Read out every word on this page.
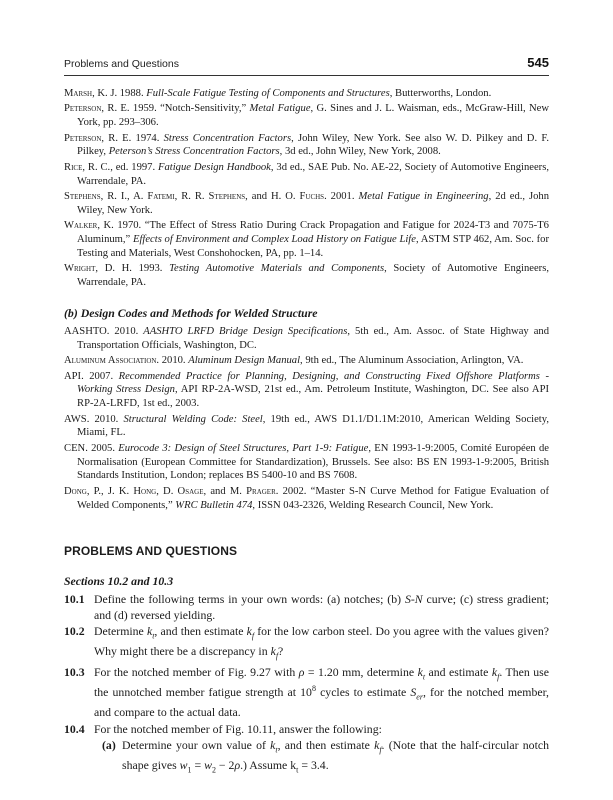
Problems and Questions	545

Marsh, K. J. 1988. Full-Scale Fatigue Testing of Components and Structures, Butterworths, London.

Peterson, R. E. 1959. “Notch-Sensitivity,” Metal Fatigue, G. Sines and J. L. Waisman, eds., McGraw-Hill, New York, pp. 293–306.

Peterson, R. E. 1974. Stress Concentration Factors, John Wiley, New York. See also W. D. Pilkey and D. F. Pilkey, Peterson’s Stress Concentration Factors, 3d ed., John Wiley, New York, 2008.

Rice, R. C., ed. 1997. Fatigue Design Handbook, 3d ed., SAE Pub. No. AE-22, Society of Automotive Engineers, Warrendale, PA.

Stephens, R. I., A. Fatemi, R. R. Stephens, and H. O. Fuchs. 2001. Metal Fatigue in Engineering, 2d ed., John Wiley, New York.

Walker, K. 1970. “The Effect of Stress Ratio During Crack Propagation and Fatigue for 2024-T3 and 7075-T6 Aluminum,” Effects of Environment and Complex Load History on Fatigue Life, ASTM STP 462, Am. Soc. for Testing and Materials, West Conshohocken, PA, pp. 1–14.

Wright, D. H. 1993. Testing Automotive Materials and Components, Society of Automotive Engineers, Warrendale, PA.

(b) Design Codes and Methods for Welded Structure

AASHTO. 2010. AASHTO LRFD Bridge Design Specifications, 5th ed., Am. Assoc. of State Highway and Transportation Officials, Washington, DC.

Aluminum Association. 2010. Aluminum Design Manual, 9th ed., The Aluminum Association, Arlington, VA.

API. 2007. Recommended Practice for Planning, Designing, and Constructing Fixed Offshore Platforms - Working Stress Design, API RP-2A-WSD, 21st ed., Am. Petroleum Institute, Washington, DC. See also API RP-2A-LRFD, 1st ed., 2003.

AWS. 2010. Structural Welding Code: Steel, 19th ed., AWS D1.1/D1.1M:2010, American Welding Society, Miami, FL.

CEN. 2005. Eurocode 3: Design of Steel Structures, Part 1-9: Fatigue, EN 1993-1-9:2005, Comité Européen de Normalisation (European Committee for Standardization), Brussels. See also: BS EN 1993-1-9:2005, British Standards Institution, London; replaces BS 5400-10 and BS 7608.

Dong, P., J. K. Hong, D. Osage, and M. Prager. 2002. “Master S-N Curve Method for Fatigue Evaluation of Welded Components,” WRC Bulletin 474, ISSN 043-2326, Welding Research Council, New York.

PROBLEMS AND QUESTIONS

Sections 10.2 and 10.3

10.1 Define the following terms in your own words: (a) notches; (b) S-N curve; (c) stress gradient; and (d) reversed yielding.

10.2 Determine $k_t$, and then estimate $k_f$ for the low carbon steel. Do you agree with the values given? Why might there be a discrepancy in $k_f$?

10.3 For the notched member of Fig. 9.27 with ρ = 1.20 mm, determine $k_t$ and estimate $k_f$. Then use the unnotched member fatigue strength at $10^8$ cycles to estimate $S_{er}$, for the notched member, and compare to the actual data.

10.4 For the notched member of Fig. 10.11, answer the following:

(a) Determine your own value of $k_t$, and then estimate $k_f$. (Note that the half-circular notch shape gives $w_1 = w_2 - 2\rho$.) Assume $k_t = 3.4$.
